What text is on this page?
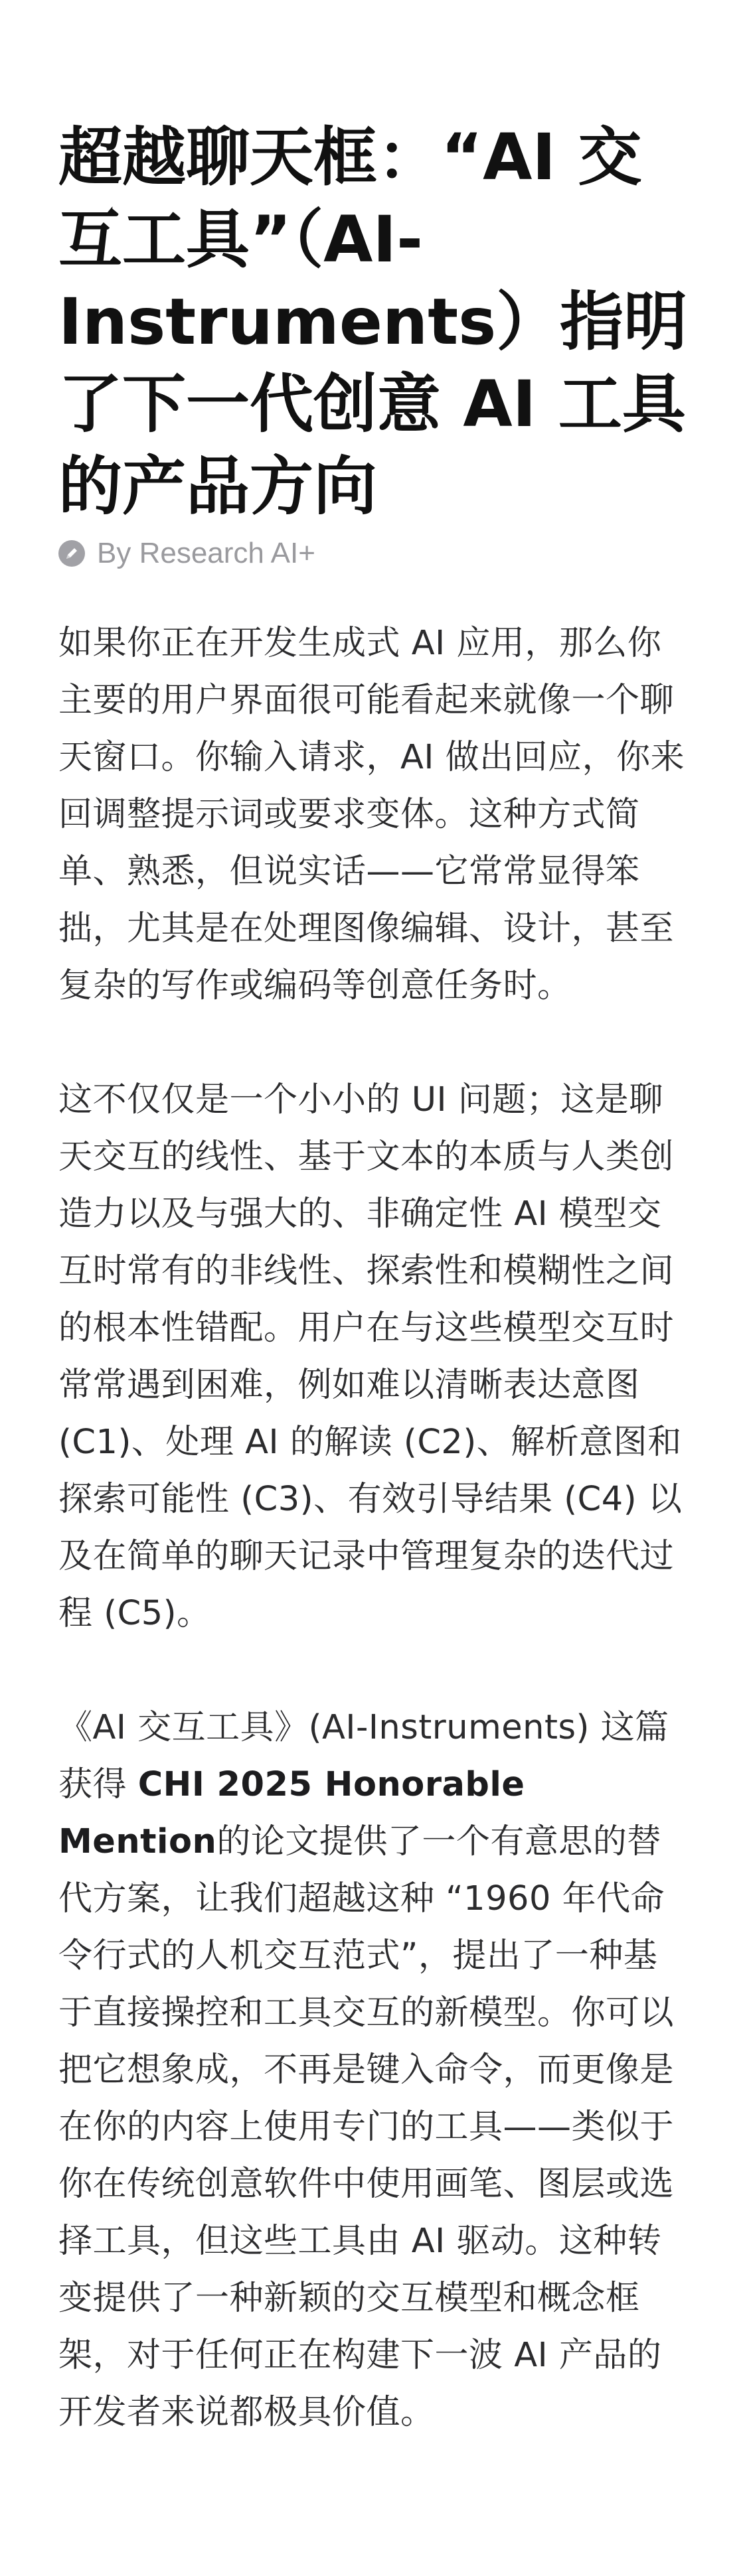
超越聊天框：“AI 交互工具”（AI-Instruments）指明了下一代创意 AI 工具的产品方向
By Research AI+

如果你正在开发生成式 AI 应用，那么你主要的用户界面很可能看起来就像一个聊天窗口。你输入请求，AI 做出回应，你来回调整提示词或要求变体。这种方式简单、熟悉，但说实话——它常常显得笨拙，尤其是在处理图像编辑、设计，甚至复杂的写作或编码等创意任务时。

这不仅仅是一个小小的 UI 问题；这是聊天交互的线性、基于文本的本质与人类创造力以及与强大的、非确定性 AI 模型交互时常有的非线性、探索性和模糊性之间的根本性错配。用户在与这些模型交互时常常遇到困难，例如难以清晰表达意图 (C1)、处理 AI 的解读 (C2)、解析意图和探索可能性 (C3)、有效引导结果 (C4) 以及在简单的聊天记录中管理复杂的迭代过程 (C5)。

《AI 交互工具》(AI-Instruments) 这篇获得 CHI 2025 Honorable Mention的论文提供了一个有意思的替代方案，让我们超越这种 “1960 年代命令行式的人机交互范式”，提出了一种基于直接操控和工具交互的新模型。你可以把它想象成，不再是键入命令，而更像是在你的内容上使用专门的工具——类似于你在传统创意软件中使用画笔、图层或选择工具，但这些工具由 AI 驱动。这种转变提供了一种新颖的交互模型和概念框架，对于任何正在构建下一波 AI 产品的开发者来说都极具价值。
